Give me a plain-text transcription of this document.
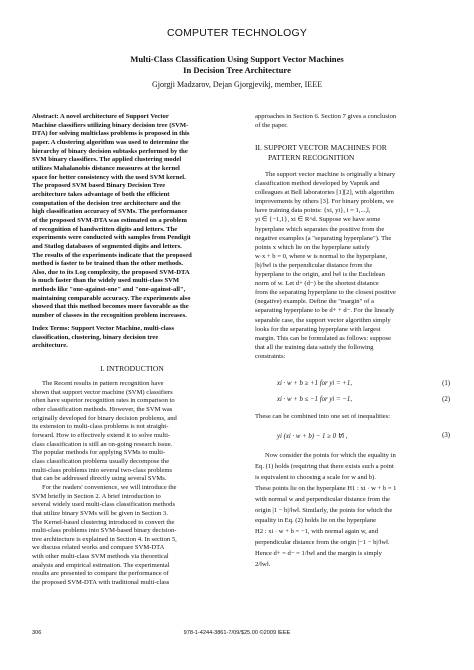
COMPUTER TECHNOLOGY
Multi-Class Classification Using Support Vector Machines
In Decision Tree Architecture
Gjorgji Madzarov, Dejan Gjorgjevikj, member, IEEE
Abstract: A novel architecture of Support Vector
Machine classifiers utilizing binary decision tree (SVM-
DTA) for solving multiclass problems is proposed in this
paper. A clustering algorithm was used to determine the
hierarchy of binary decision subtasks performed by the
SVM binary classifiers. The applied clustering model
utilizes Mahalanobis distance measures at the kernel
space for better consistency with the used SVM kernel.
The proposed SVM based Binary Decision Tree
architecture takes advantage of both the efficient
computation of the decision tree architecture and the
high classification accuracy of SVMs. The performance
of the proposed SVM-DTA was estimated on a problem
of recognition of handwritten digits and letters. The
experiments were conducted with samples from Pendigit
and Statlog databases of segmented digits and letters.
The results of the experiments indicate that the proposed
method is faster to be trained than the other methods.
Also, due to its Log complexity, the proposed SVM-DTA
is much faster than the widely used multi-class SVM
methods like "one-against-one" and "one-against-all",
maintaining comparable accuracy. The experiments also
showed that this method becomes more favorable as the
number of classes in the recognition problem increases.
Index Terms: Support Vector Machine, multi-class
classification, clustering, binary decision tree
architecture.
I. INTRODUCTION
The Recent results in pattern recognition have
shown that support vector machine (SVM) classifiers
often have superior recognition rates in comparison to
other classification methods. However, the SVM was
originally developed for binary decision problems, and
its extension to multi-class problems is not straight-
forward. How to effectively extend it to solve multi-
class classification is still an on-going research issue.
The popular methods for applying SVMs to multi-
class classification problems usually decompose the
multi-class problems into several two-class problems
that can be addressed directly using several SVMs.
For the readers' convenience, we will introduce the
SVM briefly in Section 2. A brief introduction to
several widely used multi-class classification methods
that utilize binary SVMs will be given in Section 3.
The Kernel-based clustering introduced to convert the
multi-class problems into SVM-based binary decision-
tree architecture is explained in Section 4. In section 5,
we discuss related works and compare SVM-DTA
with other multi-class SVM methods via theoretical
analysis and empirical estimation. The experimental
results are presented to compare the performance of
the proposed SVM-DTA with traditional multi-class
approaches in Section 6. Section 7 gives a conclusion
of the paper.
II. SUPPORT VECTOR MACHINES FOR
PATTERN RECOGNITION
The support vector machine is originally a binary
classification method developed by Vapnik and
colleagues at Bell laboratories [1][2], with algorithm
improvements by others [3]. For binary problem, we
have training data points: {xi, yi}, i = 1,...,l,
yi ∈ {−1,1}, xi ∈ R^d. Suppose we have some
hyperplane which separates the positive from the
negative examples (a "separating hyperplane"). The
points x which lie on the hyperplane satisfy
w·x + b = 0, where w is normal to the hyperplane,
|b|/‖w‖ is the perpendicular distance from the
hyperplane to the origin, and ‖w‖ is the Euclidean
norm of w. Let d+ (d−) be the shortest distance
from the separating hyperplane to the closest positive
(negative) example. Define the "margin" of a
separating hyperplane to be d+ + d−. For the linearly
separable case, the support vector algorithm simply
looks for the separating hyperplane with largest
margin. This can be formulated as follows: suppose
that all the training data satisfy the following
constraints:
xi · w + b ≥ +1 for yi = +1,	(1)
xi · w + b ≤ −1 for yi = −1,	(2)
These can be combined into one set of inequalities:
yi (xi · w + b) − 1 ≥ 0 ∀i ,	(3)
Now consider the points for which the equality in
Eq. (1) holds (requiring that there exists such a point
is equivalent to choosing a scale for w and b).
These points lie on the hyperplane H1 : xi · w + b = 1
with normal w and perpendicular distance from the
origin |1 − b|/‖w‖. Similarly, the points for which the
equality in Eq. (2) holds lie on the hyperplane
H2 : xi · w + b = −1, with normal again w, and
perpendicular distance from the origin |−1 − b|/‖w‖.
Hence d+ = d− = 1/‖w‖ and the margin is simply
2/‖w‖.
306	978-1-4244-3861-7/09/$25.00 ©2009 IEEE
